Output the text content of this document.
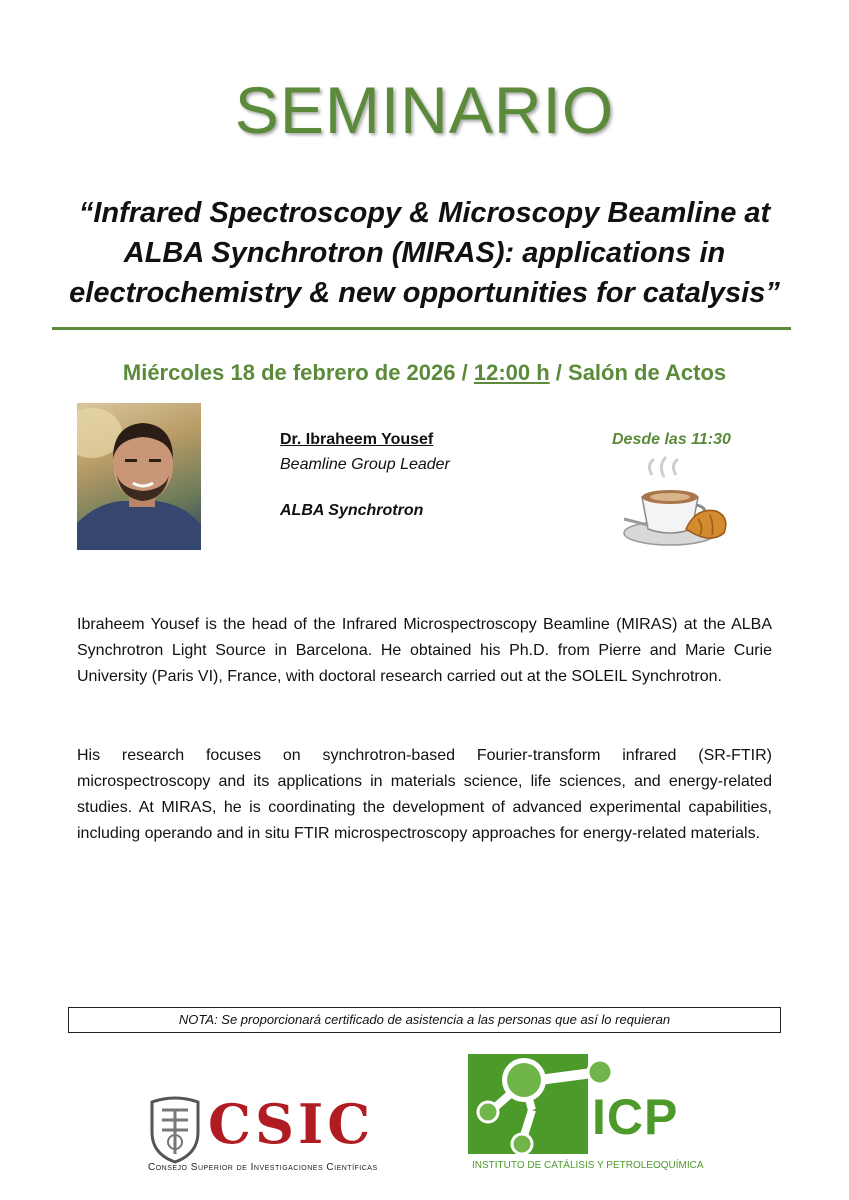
SEMINARIO
“Infrared Spectroscopy & Microscopy Beamline at
ALBA Synchrotron (MIRAS): applications in
electrochemistry & new opportunities for catalysis”
Miércoles 18 de febrero de 2026 / 12:00 h / Salón de Actos
Dr. Ibraheem Yousef
Beamline Group Leader
ALBA Synchrotron
Desde las 11:30
Ibraheem Yousef is the head of the Infrared Microspectroscopy Beamline (MIRAS) at the ALBA Synchrotron Light Source in Barcelona. He obtained his Ph.D. from Pierre and Marie Curie University (Paris VI), France, with doctoral research carried out at the SOLEIL Synchrotron.
His research focuses on synchrotron-based Fourier-transform infrared (SR-FTIR) microspectroscopy and its applications in materials science, life sciences, and energy-related studies. At MIRAS, he is coordinating the development of advanced experimental capabilities, including operando and in situ FTIR microspectroscopy approaches for energy-related materials.
NOTA: Se proporcionará certificado de asistencia a las personas que así lo requieran
CSIC
Consejo Superior de Investigaciones Científicas
ICP
INSTITUTO DE CATÁLISIS Y PETROLEOQUÍMICA
